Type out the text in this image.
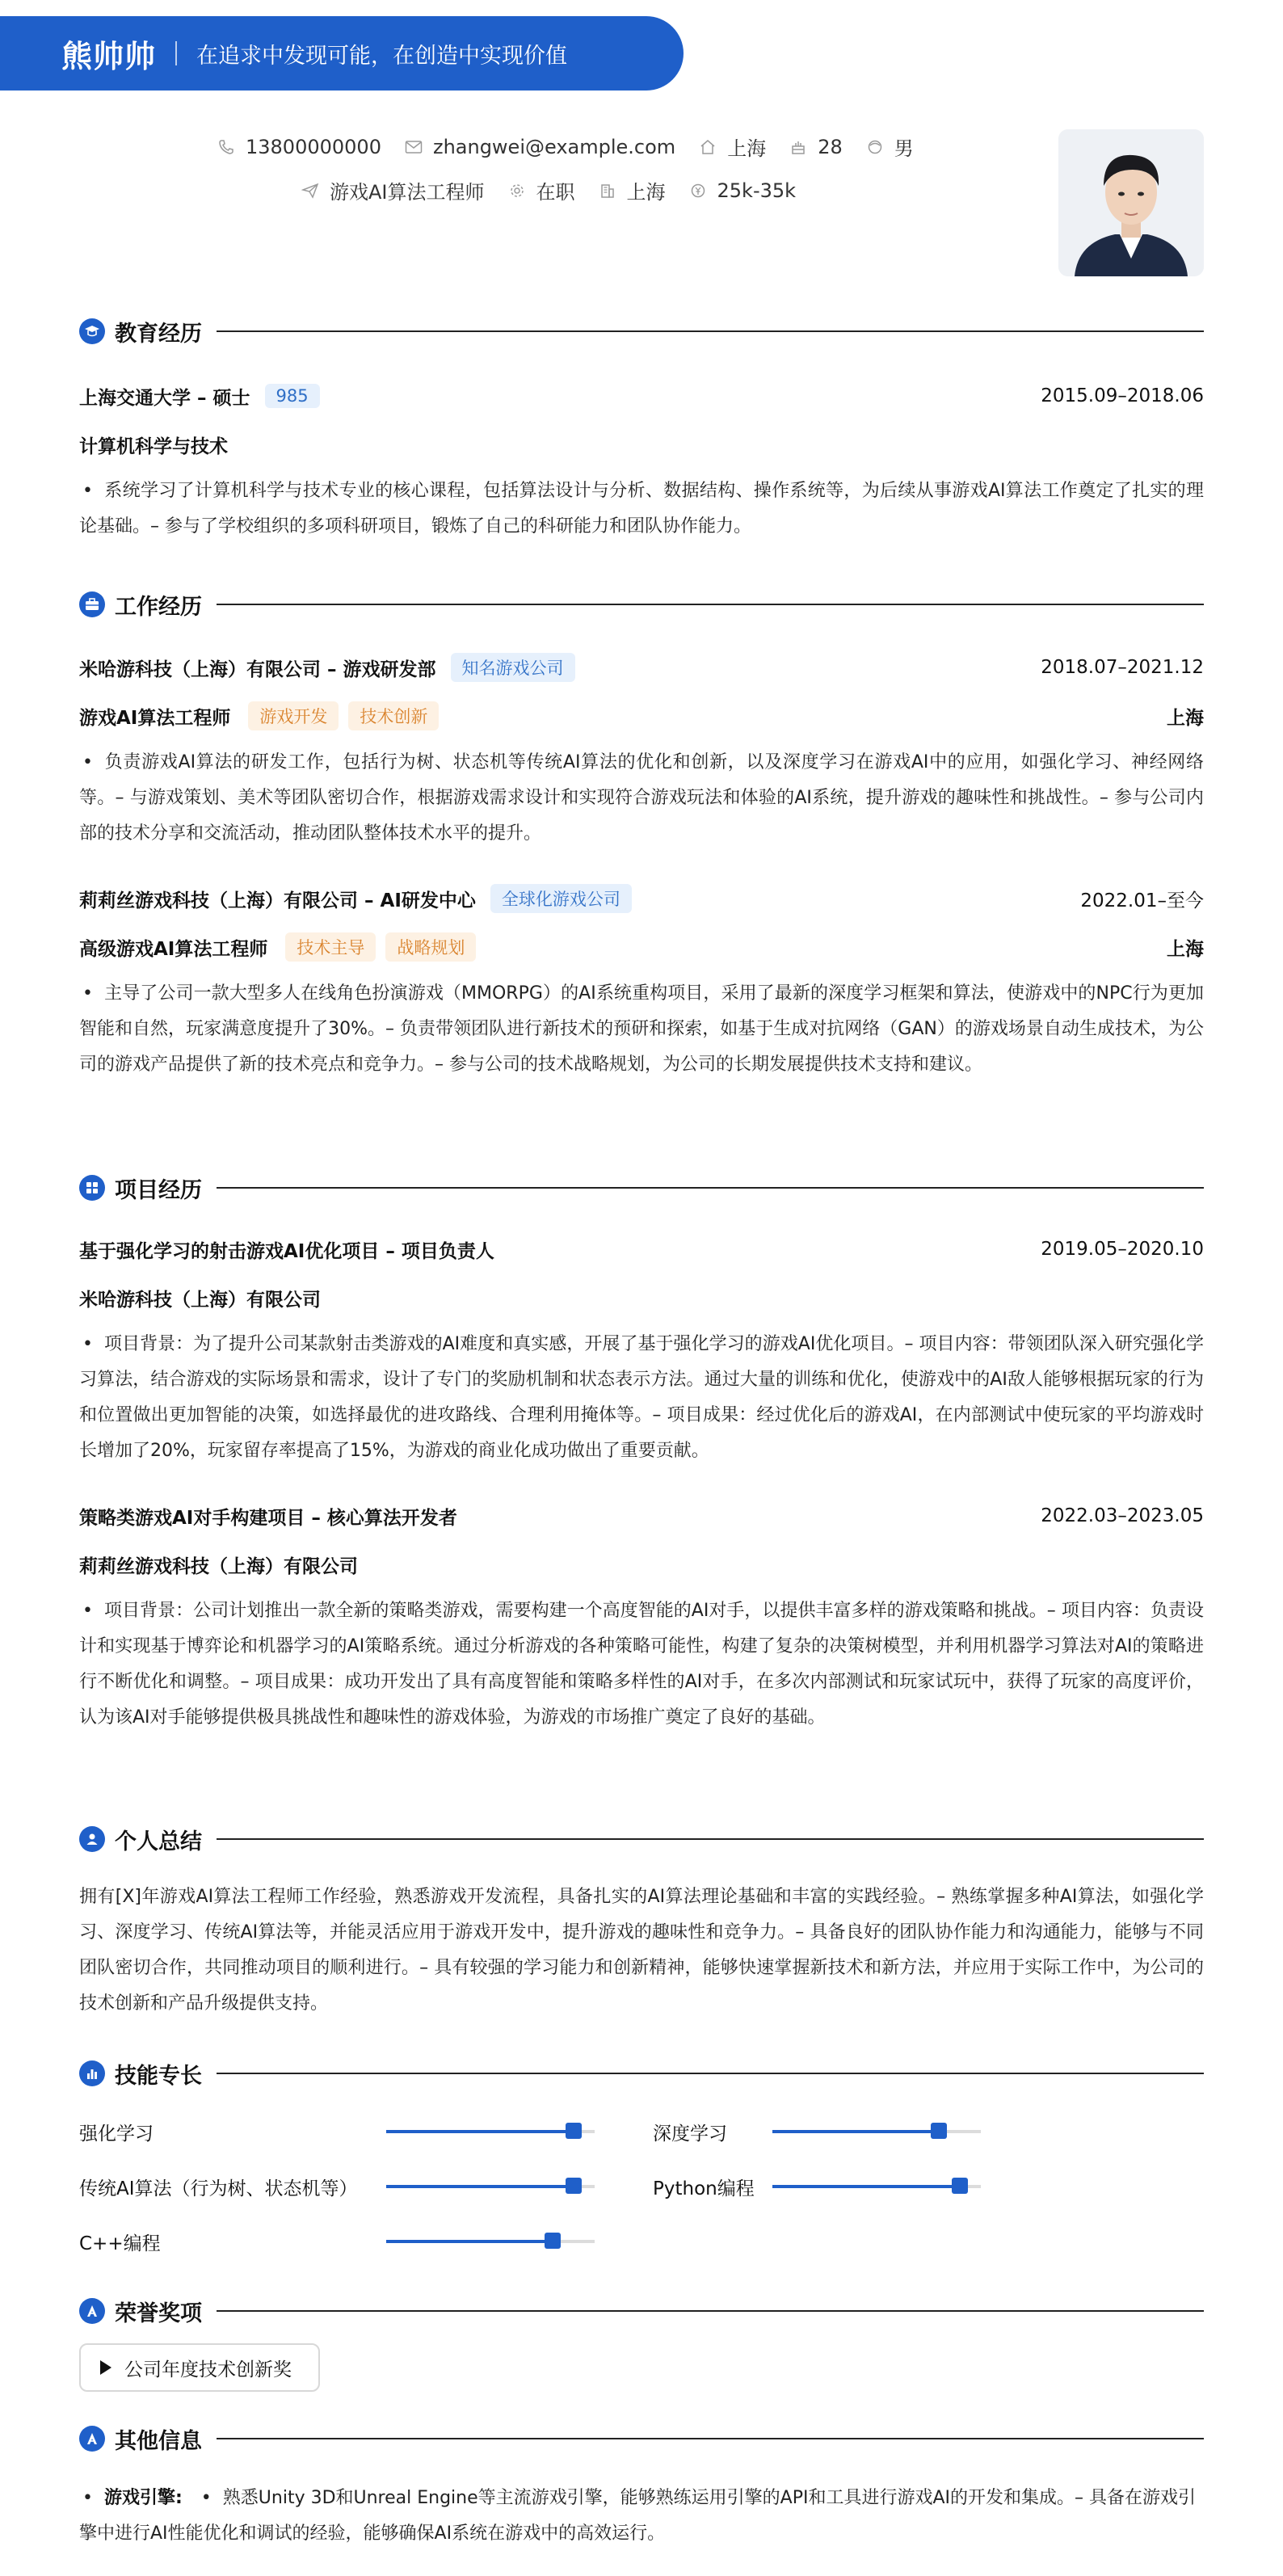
熊帅帅 在追求中发现可能，在创造中实现价值
13800000000	zhangwei@example.com	上海	28	男
游戏AI算法工程师	在职	上海	25k-35k
教育经历
上海交通大学 – 硕士	985	2015.09–2018.06
计算机科学与技术
• 系统学习了计算机科学与技术专业的核心课程，包括算法设计与分析、数据结构、操作系统等，为后续从事游戏AI算法工作奠定了扎实的理论基础。– 参与了学校组织的多项科研项目，锻炼了自己的科研能力和团队协作能力。
工作经历
米哈游科技（上海）有限公司 – 游戏研发部	知名游戏公司	2018.07–2021.12
游戏AI算法工程师	游戏开发	技术创新	上海
• 负责游戏AI算法的研发工作，包括行为树、状态机等传统AI算法的优化和创新，以及深度学习在游戏AI中的应用，如强化学习、神经网络等。– 与游戏策划、美术等团队密切合作，根据游戏需求设计和实现符合游戏玩法和体验的AI系统，提升游戏的趣味性和挑战性。– 参与公司内部的技术分享和交流活动，推动团队整体技术水平的提升。
莉莉丝游戏科技（上海）有限公司 – AI研发中心	全球化游戏公司	2022.01–至今
高级游戏AI算法工程师	技术主导	战略规划	上海
• 主导了公司一款大型多人在线角色扮演游戏（MMORPG）的AI系统重构项目，采用了最新的深度学习框架和算法，使游戏中的NPC行为更加智能和自然，玩家满意度提升了30%。– 负责带领团队进行新技术的预研和探索，如基于生成对抗网络（GAN）的游戏场景自动生成技术，为公司的游戏产品提供了新的技术亮点和竞争力。– 参与公司的技术战略规划，为公司的长期发展提供技术支持和建议。
项目经历
基于强化学习的射击游戏AI优化项目 – 项目负责人	2019.05–2020.10
米哈游科技（上海）有限公司
• 项目背景：为了提升公司某款射击类游戏的AI难度和真实感，开展了基于强化学习的游戏AI优化项目。– 项目内容：带领团队深入研究强化学习算法，结合游戏的实际场景和需求，设计了专门的奖励机制和状态表示方法。通过大量的训练和优化，使游戏中的AI敌人能够根据玩家的行为和位置做出更加智能的决策，如选择最优的进攻路线、合理利用掩体等。– 项目成果：经过优化后的游戏AI，在内部测试中使玩家的平均游戏时长增加了20%，玩家留存率提高了15%，为游戏的商业化成功做出了重要贡献。
策略类游戏AI对手构建项目 – 核心算法开发者	2022.03–2023.05
莉莉丝游戏科技（上海）有限公司
• 项目背景：公司计划推出一款全新的策略类游戏，需要构建一个高度智能的AI对手，以提供丰富多样的游戏策略和挑战。– 项目内容：负责设计和实现基于博弈论和机器学习的AI策略系统。通过分析游戏的各种策略可能性，构建了复杂的决策树模型，并利用机器学习算法对AI的策略进行不断优化和调整。– 项目成果：成功开发出了具有高度智能和策略多样性的AI对手，在多次内部测试和玩家试玩中，获得了玩家的高度评价，认为该AI对手能够提供极具挑战性和趣味性的游戏体验，为游戏的市场推广奠定了良好的基础。
个人总结
拥有[X]年游戏AI算法工程师工作经验，熟悉游戏开发流程，具备扎实的AI算法理论基础和丰富的实践经验。– 熟练掌握多种AI算法，如强化学习、深度学习、传统AI算法等，并能灵活应用于游戏开发中，提升游戏的趣味性和竞争力。– 具备良好的团队协作能力和沟通能力，能够与不同团队密切合作，共同推动项目的顺利进行。– 具有较强的学习能力和创新精神，能够快速掌握新技术和新方法，并应用于实际工作中，为公司的技术创新和产品升级提供支持。
技能专长
强化学习	深度学习
传统AI算法（行为树、状态机等）	Python编程
C++编程
荣誉奖项
公司年度技术创新奖
其他信息
• 游戏引擎: • 熟悉Unity 3D和Unreal Engine等主流游戏引擎，能够熟练运用引擎的API和工具进行游戏AI的开发和集成。– 具备在游戏引擎中进行AI性能优化和调试的经验，能够确保AI系统在游戏中的高效运行。
